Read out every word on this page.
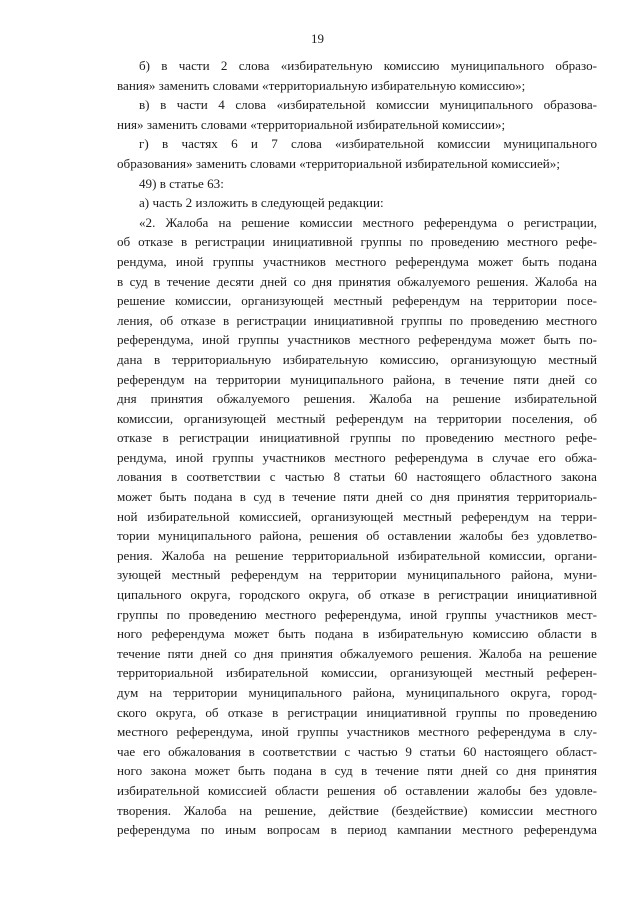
19
б) в части 2 слова «избирательную комиссию муниципального образо-
вания» заменить словами «территориальную избирательную комиссию»;
в) в части 4 слова «избирательной комиссии муниципального образова-
ния» заменить словами «территориальной избирательной комиссии»;
г) в частях 6 и 7 слова «избирательной комиссии муниципального
образования» заменить словами «территориальной избирательной комиссией»;
49) в статье 63:
а) часть 2 изложить в следующей редакции:
«2. Жалоба на решение комиссии местного референдума о регистрации,
об отказе в регистрации инициативной группы по проведению местного рефе-
рендума, иной группы участников местного референдума может быть подана
в суд в течение десяти дней со дня принятия обжалуемого решения. Жалоба на
решение комиссии, организующей местный референдум на территории посе-
ления, об отказе в регистрации инициативной группы по проведению местного
референдума, иной группы участников местного референдума может быть по-
дана в территориальную избирательную комиссию, организующую местный
референдум на территории муниципального района, в течение пяти дней со
дня принятия обжалуемого решения. Жалоба на решение избирательной
комиссии, организующей местный референдум на территории поселения, об
отказе в регистрации инициативной группы по проведению местного рефе-
рендума, иной группы участников местного референдума в случае его обжа-
лования в соответствии с частью 8 статьи 60 настоящего областного закона
может быть подана в суд в течение пяти дней со дня принятия территориаль-
ной избирательной комиссией, организующей местный референдум на терри-
тории муниципального района, решения об оставлении жалобы без удовлетво-
рения. Жалоба на решение территориальной избирательной комиссии, органи-
зующей местный референдум на территории муниципального района, муни-
ципального округа, городского округа, об отказе в регистрации инициативной
группы по проведению местного референдума, иной группы участников мест-
ного референдума может быть подана в избирательную комиссию области в
течение пяти дней со дня принятия обжалуемого решения. Жалоба на решение
территориальной избирательной комиссии, организующей местный референ-
дум на территории муниципального района, муниципального округа, город-
ского округа, об отказе в регистрации инициативной группы по проведению
местного референдума, иной группы участников местного референдума в слу-
чае его обжалования в соответствии с частью 9 статьи 60 настоящего област-
ного закона может быть подана в суд в течение пяти дней со дня принятия
избирательной комиссией области решения об оставлении жалобы без удовле-
творения. Жалоба на решение, действие (бездействие) комиссии местного
референдума по иным вопросам в период кампании местного референдума
